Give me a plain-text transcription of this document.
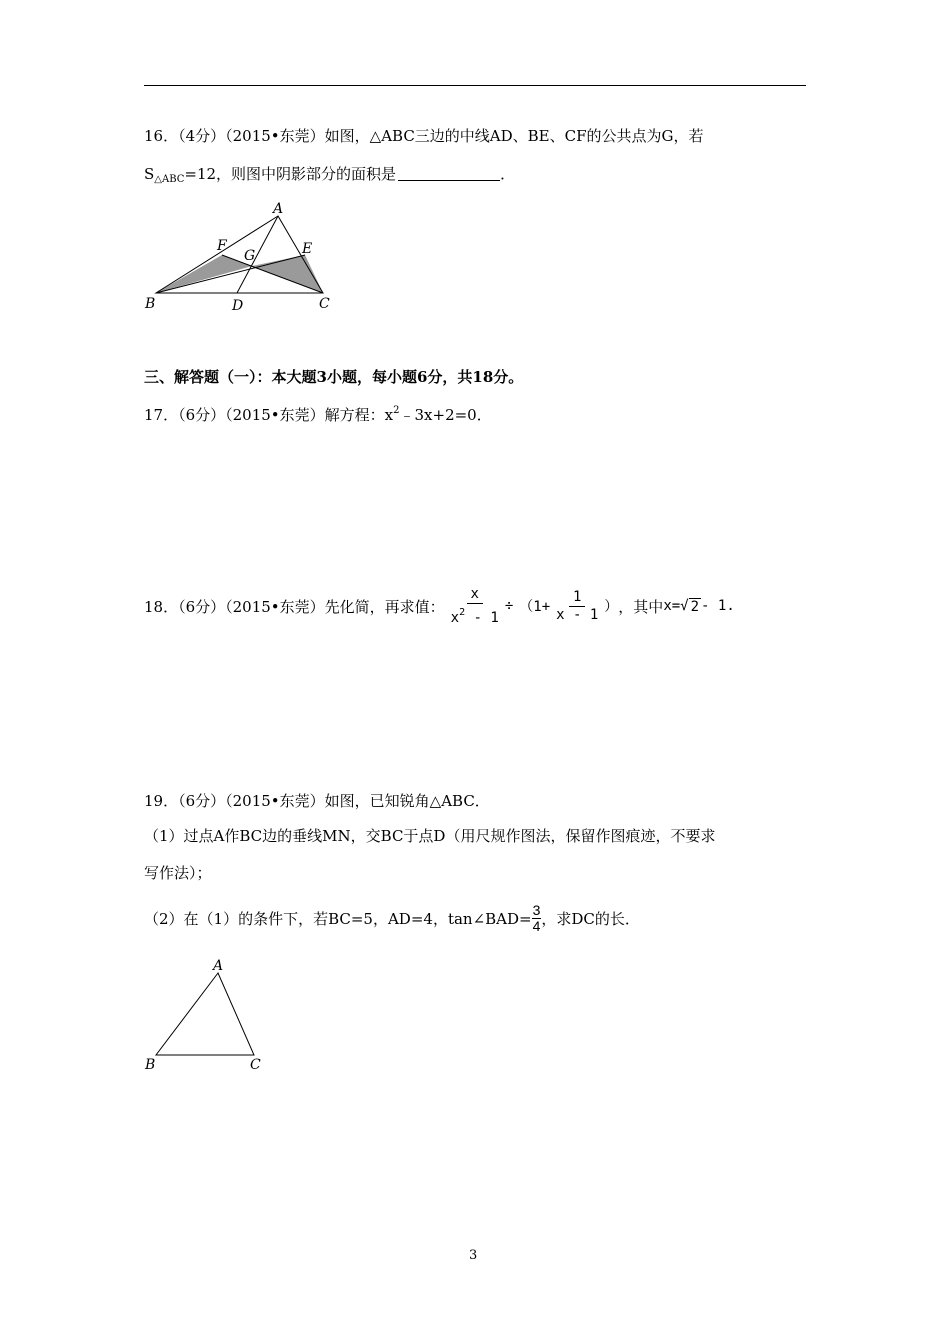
16．（4分）（2015•东莞）如图，△ABC三边的中线AD、BE、CF的公共点为G，若
$S_{\triangle ABC}=12$，则图中阴影部分的面积是	．
A
B	C
D
E
F
G
三、解答题（一）：本大题3小题，每小题6分，共18分。
17．（6分）（2015•东莞）解方程：$x^2﹣3x+2=0$．
18．（6分）（2015•东莞）先化简，再求值： $\frac{x}{x^2 - 1} \div (1+ \frac{1}{x - 1}$ ） ，其中 x= √ 2 - 1.
19．（6分）（2015•东莞）如图，已知锐角△ABC．
（1）过点A作BC边的垂线MN，交BC于点D（用尺规作图法，保留作图痕迹，不要求
写作法）；
（2）在（1）的条件下，若BC=5，AD=4，tan∠BAD= $\frac{3}{4}$ ，求DC的长．
A
B	C
3
